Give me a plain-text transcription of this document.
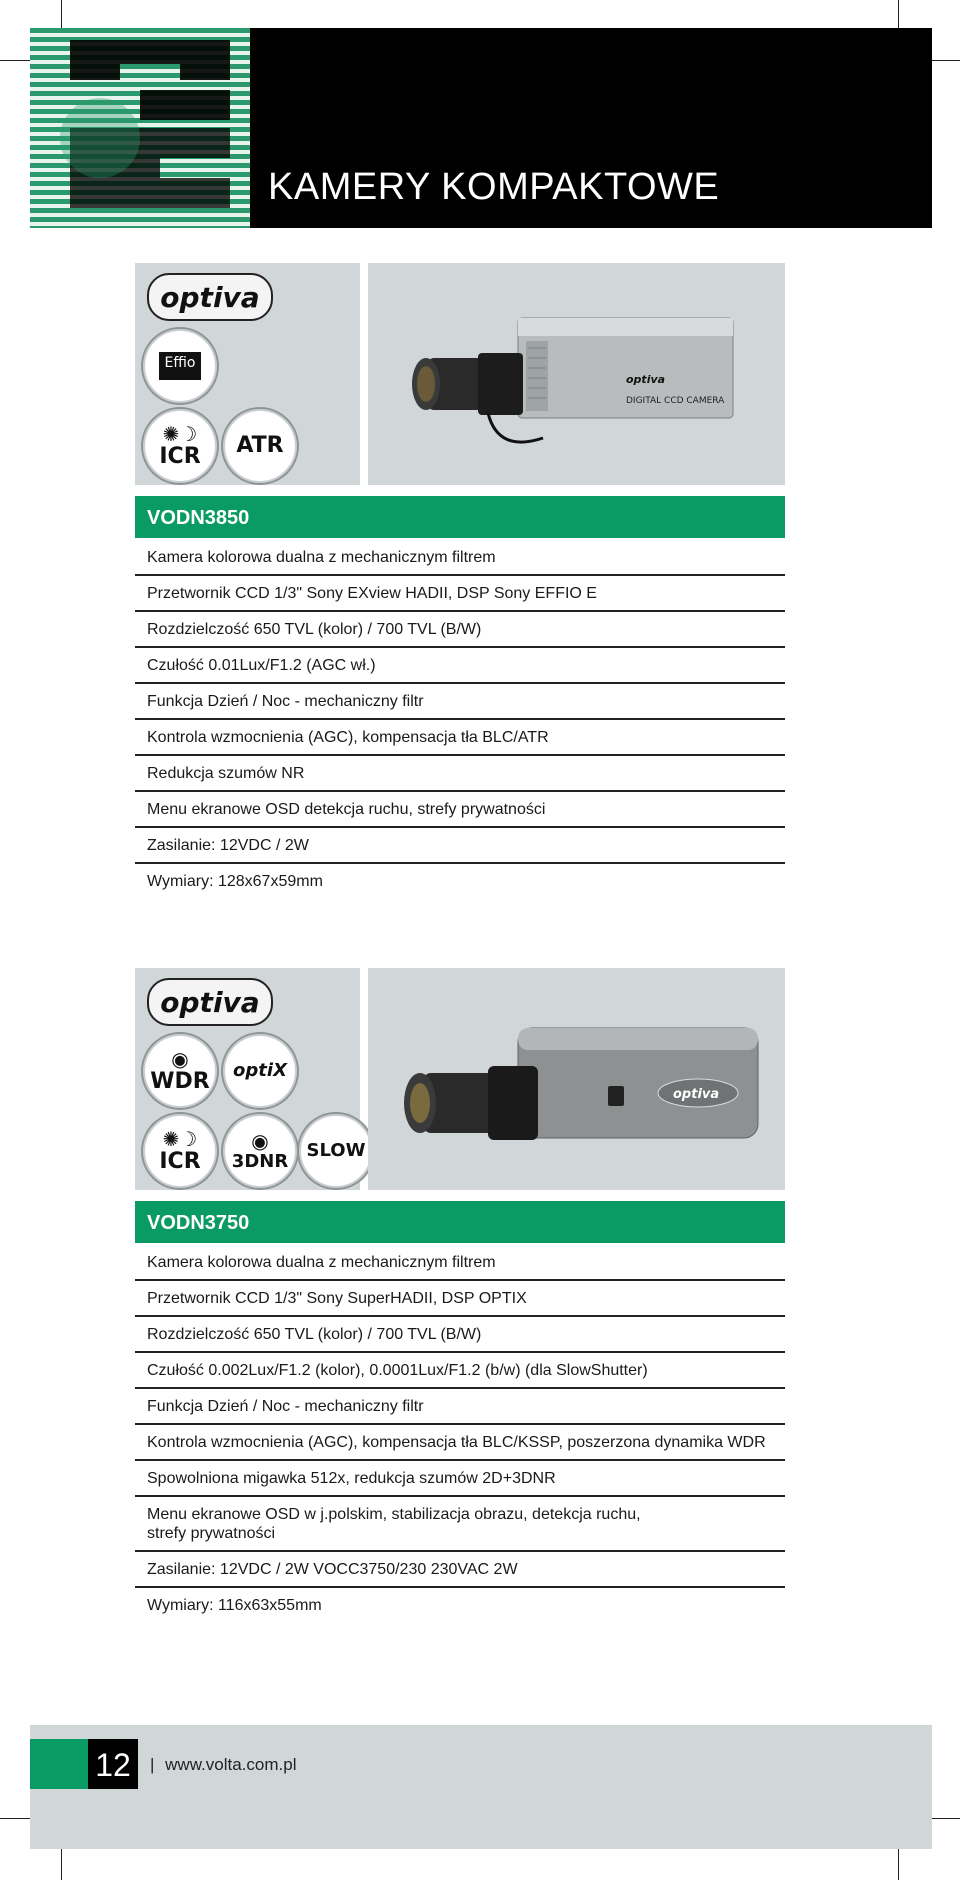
KAMERY KOMPAKTOWE
optiva
Effio
✺☽
ICR ATR
DIGITAL CCD CAMERA
optiva
VODN3850
Kamera kolorowa dualna z mechanicznym filtrem
Przetwornik CCD 1/3" Sony EXview HADII, DSP Sony EFFIO E
Rozdzielczość 650 TVL (kolor) / 700 TVL (B/W)
Czułość 0.01Lux/F1.2 (AGC wł.)
Funkcja Dzień / Noc - mechaniczny filtr
Kontrola wzmocnienia (AGC), kompensacja tła BLC/ATR
Redukcja szumów NR
Menu ekranowe OSD detekcja ruchu, strefy prywatności
Zasilanie: 12VDC / 2W
Wymiary: 128x67x59mm
optiva
◉
WDR optiX
✺☽
ICR
◉
3DNR
SLOW
optiva
VODN3750
Kamera kolorowa dualna z mechanicznym filtrem
Przetwornik CCD 1/3" Sony SuperHADII, DSP OPTIX
Rozdzielczość 650 TVL (kolor) / 700 TVL (B/W)
Czułość 0.002Lux/F1.2 (kolor), 0.0001Lux/F1.2 (b/w) (dla SlowShutter)
Funkcja Dzień / Noc - mechaniczny filtr
Kontrola wzmocnienia (AGC), kompensacja tła BLC/KSSP, poszerzona dynamika WDR
Spowolniona migawka 512x, redukcja szumów 2D+3DNR
Menu ekranowe OSD w j.polskim, stabilizacja obrazu, detekcja ruchu,
strefy prywatności
Zasilanie: 12VDC / 2W VOCC3750/230 230VAC 2W
Wymiary: 116x63x55mm
12	| www.volta.com.pl
